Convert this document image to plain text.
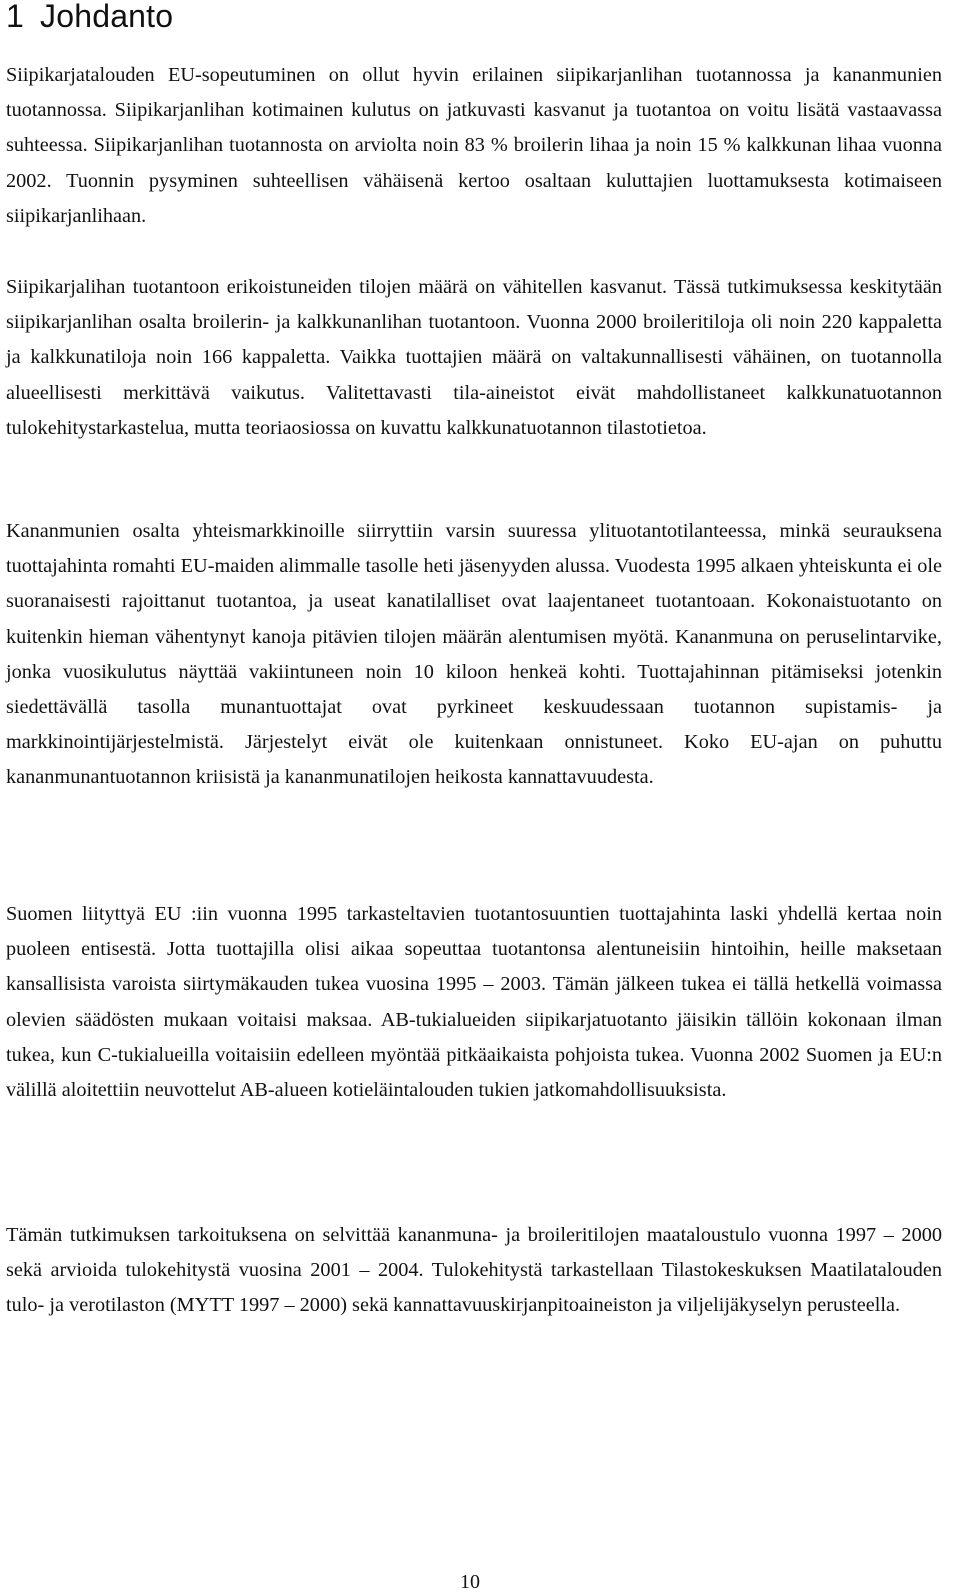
1 Johdanto

Siipikarjatalouden EU-sopeutuminen on ollut hyvin erilainen siipikarjanlihan tuotannossa ja kananmunien tuotannossa. Siipikarjanlihan kotimainen kulutus on jatkuvasti kasvanut ja tuotantoa on voitu lisätä vastaavassa suhteessa. Siipikarjanlihan tuotannosta on arviolta noin 83 % broilerin lihaa ja noin 15 % kalkkunan lihaa vuonna 2002. Tuonnin pysyminen suhteellisen vähäisenä kertoo osaltaan kuluttajien luottamuksesta kotimaiseen siipikarjanlihaan.

Siipikarjalihan tuotantoon erikoistuneiden tilojen määrä on vähitellen kasvanut. Tässä tutkimuksessa keskitytään siipikarjanlihan osalta broilerin- ja kalkkunanlihan tuotantoon. Vuonna 2000 broileritiloja oli noin 220 kappaletta ja kalkkunatiloja noin 166 kappaletta. Vaikka tuottajien määrä on valtakunnallisesti vähäinen, on tuotannolla alueellisesti merkittävä vaikutus. Valitettavasti tila-aineistot eivät mahdollistaneet kalkkunatuotannon tulokehitystarkastelua, mutta teoriaosiossa on kuvattu kalkkunatuotannon tilastotietoa.

Kananmunien osalta yhteismarkkinoille siirryttiin varsin suuressa ylituotantotilanteessa, minkä seurauksena tuottajahinta romahti EU-maiden alimmalle tasolle heti jäsenyyden alussa. Vuodesta 1995 alkaen yhteiskunta ei ole suoranaisesti rajoittanut tuotantoa, ja useat kanatilalliset ovat laajentaneet tuotantoaan. Kokonaistuotanto on kuitenkin hieman vähentynyt kanoja pitävien tilojen määrän alentumisen myötä. Kananmuna on peruselintarvike, jonka vuosikulutus näyttää vakiintuneen noin 10 kiloon henkeä kohti. Tuottajahinnan pitämiseksi jotenkin siedettävällä tasolla munantuottajat ovat pyrkineet keskuudessaan tuotannon supistamis- ja markkinointijärjestelmistä. Järjestelyt eivät ole kuitenkaan onnistuneet. Koko EU-ajan on puhuttu kananmunantuotannon kriisistä ja kananmunatilojen heikosta kannattavuudesta.

Suomen liityttyä EU :iin vuonna 1995 tarkasteltavien tuotantosuuntien tuottajahinta laski yhdellä kertaa noin puoleen entisestä. Jotta tuottajilla olisi aikaa sopeuttaa tuotantonsa alentuneisiin hintoihin, heille maksetaan kansallisista varoista siirtymäkauden tukea vuosina 1995 – 2003. Tämän jälkeen tukea ei tällä hetkellä voimassa olevien säädösten mukaan voitaisi maksaa. AB-tukialueiden siipikarjatuotanto jäisikin tällöin kokonaan ilman tukea, kun C-tukialueilla voitaisiin edelleen myöntää pitkäaikaista pohjoista tukea. Vuonna 2002 Suomen ja EU:n välillä aloitettiin neuvottelut AB-alueen kotieläintalouden tukien jatkomahdollisuuksista.

Tämän tutkimuksen tarkoituksena on selvittää kananmuna- ja broileritilojen maataloustulo vuonna 1997 – 2000 sekä arvioida tulokehitystä vuosina 2001 – 2004. Tulokehitystä tarkastellaan Tilastokeskuksen Maatilatalouden tulo- ja verotilaston (MYTT 1997 – 2000) sekä kannattavuuskirjanpitoaineiston ja viljelijäkyselyn perusteella.

10
